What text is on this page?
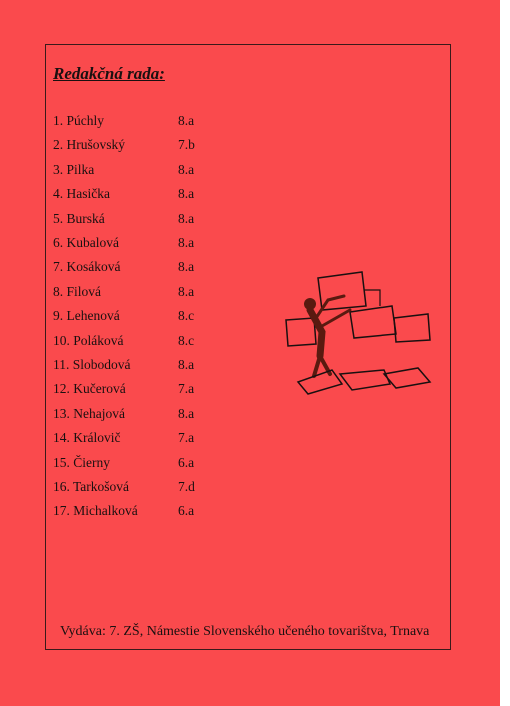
Redakčná rada:
1. Púchly	8.a
2. Hrušovský	7.b
3. Pilka	8.a
4. Hasička	8.a
5. Burská	8.a
6. Kubalová	8.a
7. Kosáková	8.a
8. Filová	8.a
9. Lehenová	8.c
10. Poláková	8.c
11. Slobodová	8.a
12. Kučerová	7.a
13. Nehajová	8.a
14. Královič	7.a
15. Čierny	6.a
16. Tarkošová	7.d
17. Michalková	6.a
Vydáva: 7. ZŠ, Námestie Slovenského učeného tovarištva, Trnava
